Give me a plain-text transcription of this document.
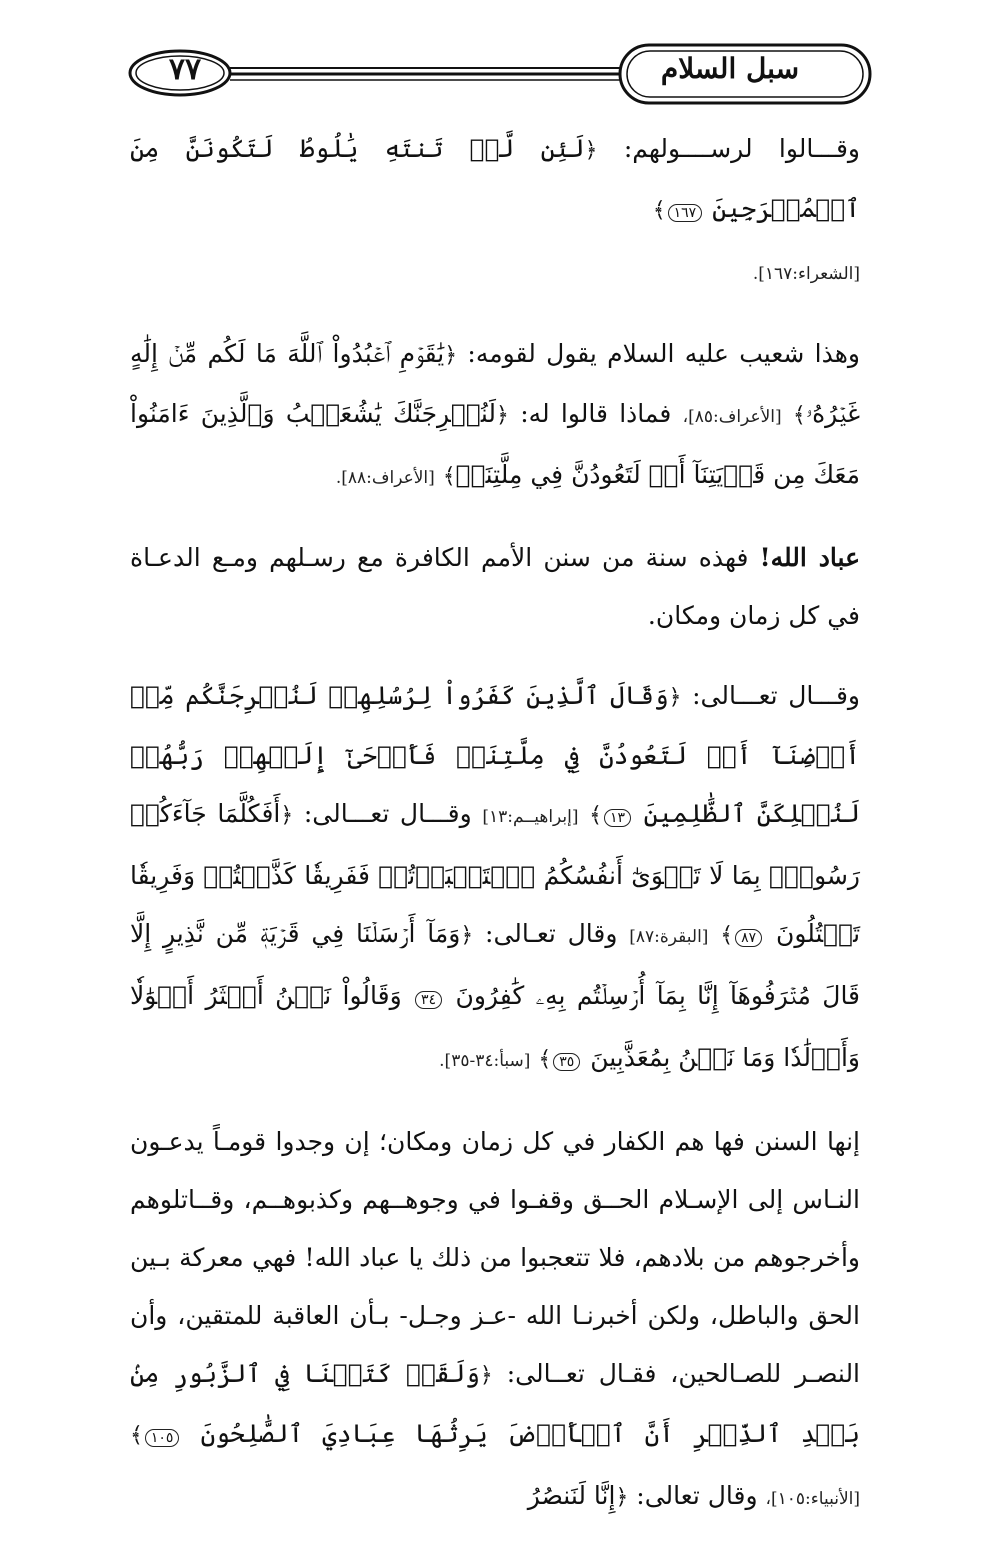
سبل السلام
٧٧

وقـــالوا لرســــولهم: ﴿لَئِن لَّمۡ تَنتَهِ يَٰلُوطُ لَتَكُونَنَّ مِنَ ٱلۡمُخۡرَجِينَ ١٦٧﴾
[الشعراء:١٦٧].

وهذا شعيب عليه السلام يقول لقومه: ﴿يَٰقَوۡمِ ٱعۡبُدُواْ ٱللَّهَ مَا لَكُم مِّنۡ إِلَٰهٍ غَيۡرُهُۥ﴾ [الأعراف:٨٥]، فماذا قالوا له: ﴿لَنُخۡرِجَنَّكَ يَٰشُعَيۡبُ وَٱلَّذِينَ ءَامَنُواْ مَعَكَ مِن قَرۡيَتِنَآ أَوۡ لَتَعُودُنَّ فِي مِلَّتِنَاۚ﴾ [الأعراف:٨٨].

عباد الله! فهذه سنة من سنن الأمم الكافرة مع رسـلهم ومـع الدعـاة في كل زمان ومكان.

وقـــال تعـــالى: ﴿وَقَالَ ٱلَّذِينَ كَفَرُواْ لِرُسُلِهِمۡ لَنُخۡرِجَنَّكُم مِّنۡ أَرۡضِنَآ أَوۡ لَتَعُودُنَّ فِي مِلَّتِنَاۖ فَأَوۡحَىٰٓ إِلَيۡهِمۡ رَبُّهُمۡ لَنُهۡلِكَنَّ ٱلظَّٰلِمِينَ ١٣﴾ [إبراهيــم:١٣] وقـــال تعـــالى: ﴿أَفَكُلَّمَا جَآءَكُمۡ رَسُولُۢ بِمَا لَا تَهۡوَىٰٓ أَنفُسُكُمُ ٱسۡتَكۡبَرۡتُمۡ فَفَرِيقٗا كَذَّبۡتُمۡ وَفَرِيقٗا تَقۡتُلُونَ ٨٧﴾ [البقرة:٨٧] وقال تعـالى: ﴿وَمَآ أَرۡسَلۡنَا فِي قَرۡيَةٖ مِّن نَّذِيرٍ إِلَّا قَالَ مُتۡرَفُوهَآ إِنَّا بِمَآ أُرۡسِلۡتُم بِهِۦ كَٰفِرُونَ ٣٤ وَقَالُواْ نَحۡنُ أَكۡثَرُ أَمۡوَٰلٗا وَأَوۡلَٰدٗا وَمَا نَحۡنُ بِمُعَذَّبِينَ ٣٥﴾ [سبأ:٣٤-٣٥].

إنها السنن فها هم الكفار في كل زمان ومكان؛ إن وجدوا قومـاً يدعـون النـاس إلى الإسـلام الحــق وقفـوا في وجوهــهم وكذبوهــم، وقــاتلوهم وأخرجوهم من بلادهم، فلا تتعجبوا من ذلك يا عباد الله! فهي معركة بـين الحق والباطل، ولكن أخبرنـا الله -عـز وجـل- بـأن العاقبة للمتقين، وأن النصـر للصـالحين، فقـال تعــالى: ﴿وَلَقَدۡ كَتَبۡنَا فِي ٱلزَّبُورِ مِنۢ بَعۡدِ ٱلذِّكۡرِ أَنَّ ٱلۡأَرۡضَ يَرِثُهَا عِبَادِيَ ٱلصَّٰلِحُونَ ١٠٥﴾ [الأنبياء:١٠٥]، وقال تعالى: ﴿إِنَّا لَنَنصُرُ
